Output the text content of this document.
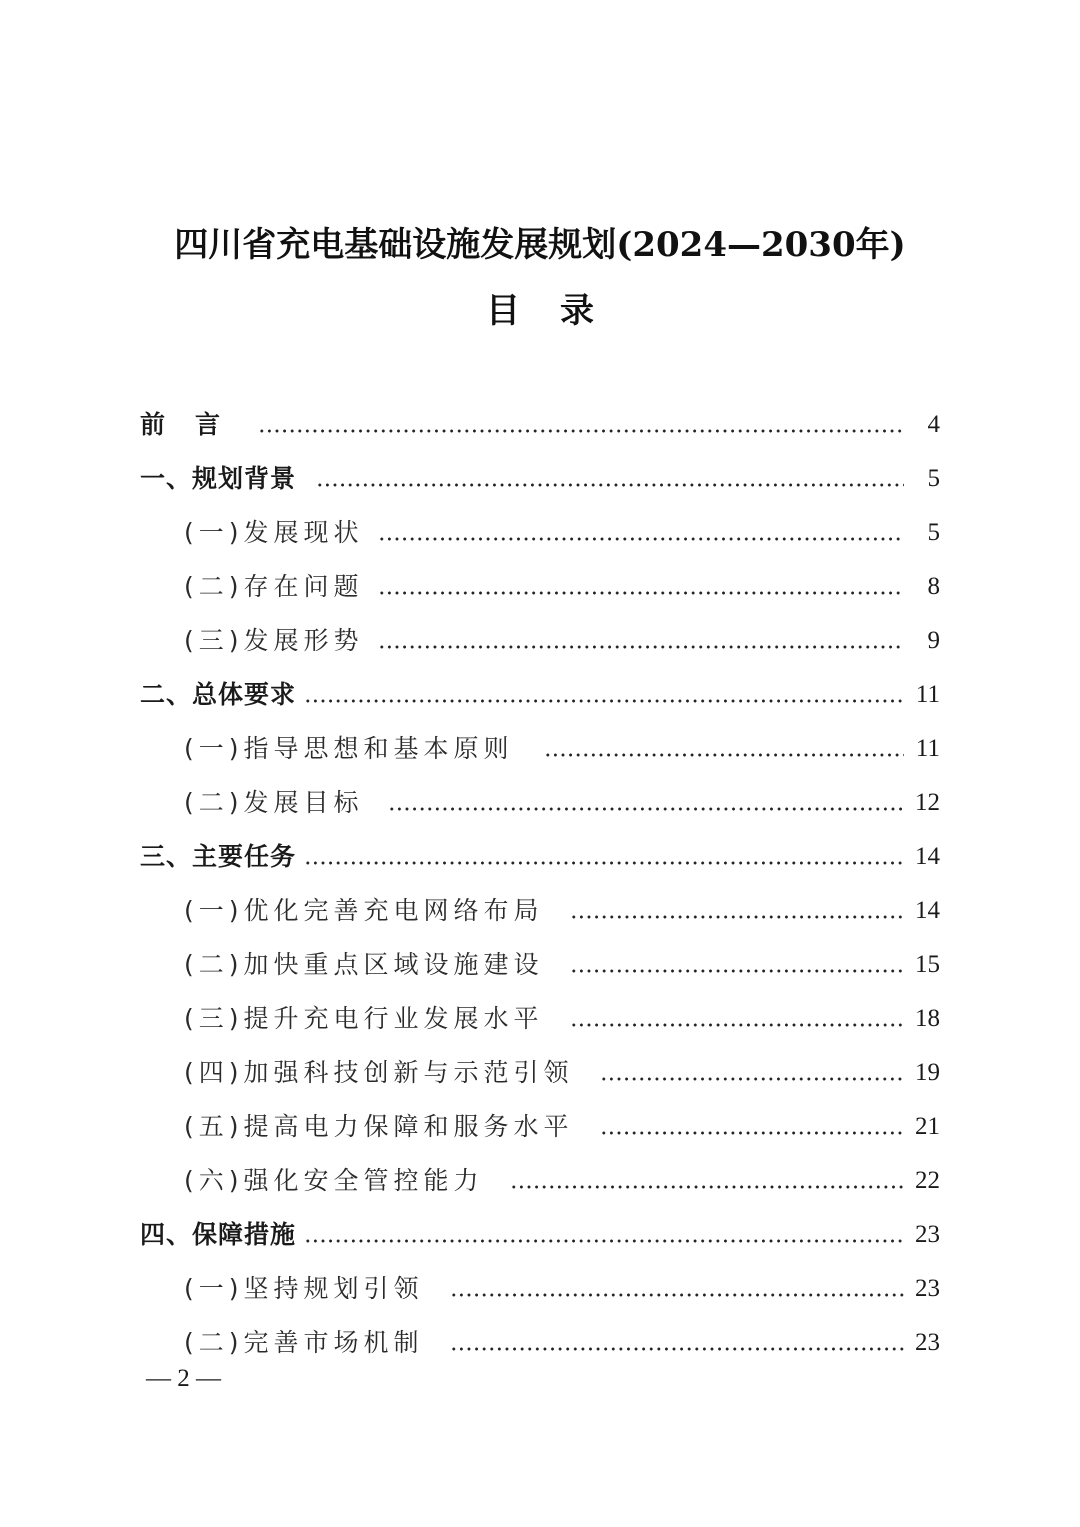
四川省充电基础设施发展规划(2024—2030年)
目录
前言	4
一、规划背景	5
(一)发展现状	5
(二)存在问题	8
(三)发展形势	9
二、总体要求	11
(一)指导思想和基本原则	11
(二)发展目标	12
三、主要任务	14
(一)优化完善充电网络布局	14
(二)加快重点区域设施建设	15
(三)提升充电行业发展水平	18
(四)加强科技创新与示范引领	19
(五)提高电力保障和服务水平	21
(六)强化安全管控能力	22
四、保障措施	23
(一)坚持规划引领	23
(二)完善市场机制	23
— 2 —
